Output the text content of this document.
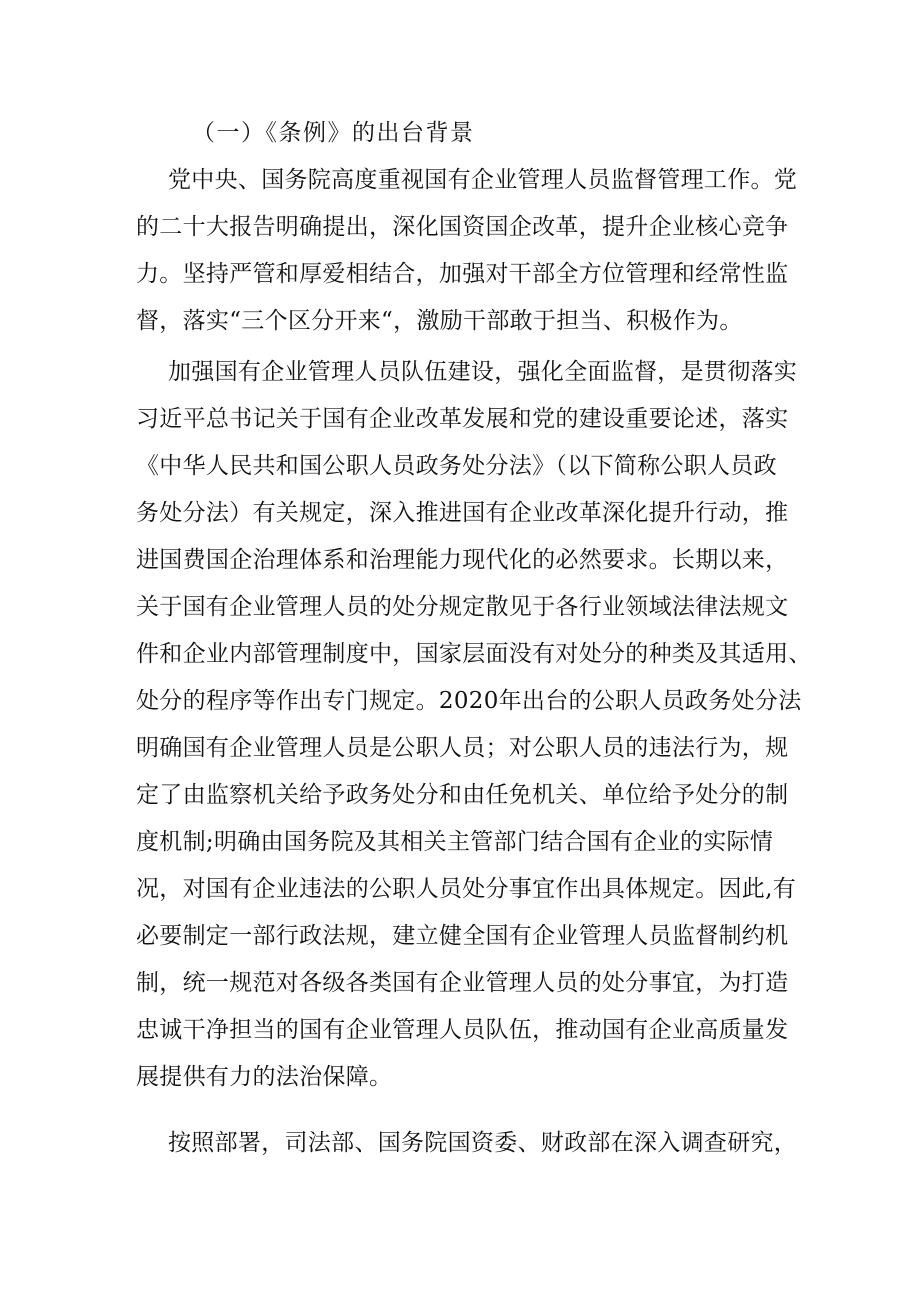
（一）《条例》的出台背景
党中央、国务院高度重视国有企业管理人员监督管理工作。党
的二十大报告明确提出，深化国资国企改革，提升企业核心竞争
力。坚持严管和厚爱相结合，加强对干部全方位管理和经常性监
督，落实“三个区分开来“，激励干部敢于担当、积极作为。
加强国有企业管理人员队伍建设，强化全面监督，是贯彻落实
习近平总书记关于国有企业改革发展和党的建设重要论述，落实
《中华人民共和国公职人员政务处分法》（以下简称公职人员政
务处分法）有关规定，深入推进国有企业改革深化提升行动，推
进国费国企治理体系和治理能力现代化的必然要求。长期以来，
关于国有企业管理人员的处分规定散见于各行业领域法律法规文
件和企业内部管理制度中，国家层面没有对处分的种类及其适用、
处分的程序等作出专门规定。2020年出台的公职人员政务处分法
明确国有企业管理人员是公职人员；对公职人员的违法行为，规
定了由监察机关给予政务处分和由任免机关、单位给予处分的制
度机制;明确由国务院及其相关主管部门结合国有企业的实际情
况，对国有企业违法的公职人员处分事宜作出具体规定。因此,有
必要制定一部行政法规，建立健全国有企业管理人员监督制约机
制，统一规范对各级各类国有企业管理人员的处分事宜，为打造
忠诚干净担当的国有企业管理人员队伍，推动国有企业高质量发
展提供有力的法治保障。
按照部署，司法部、国务院国资委、财政部在深入调查研究，
